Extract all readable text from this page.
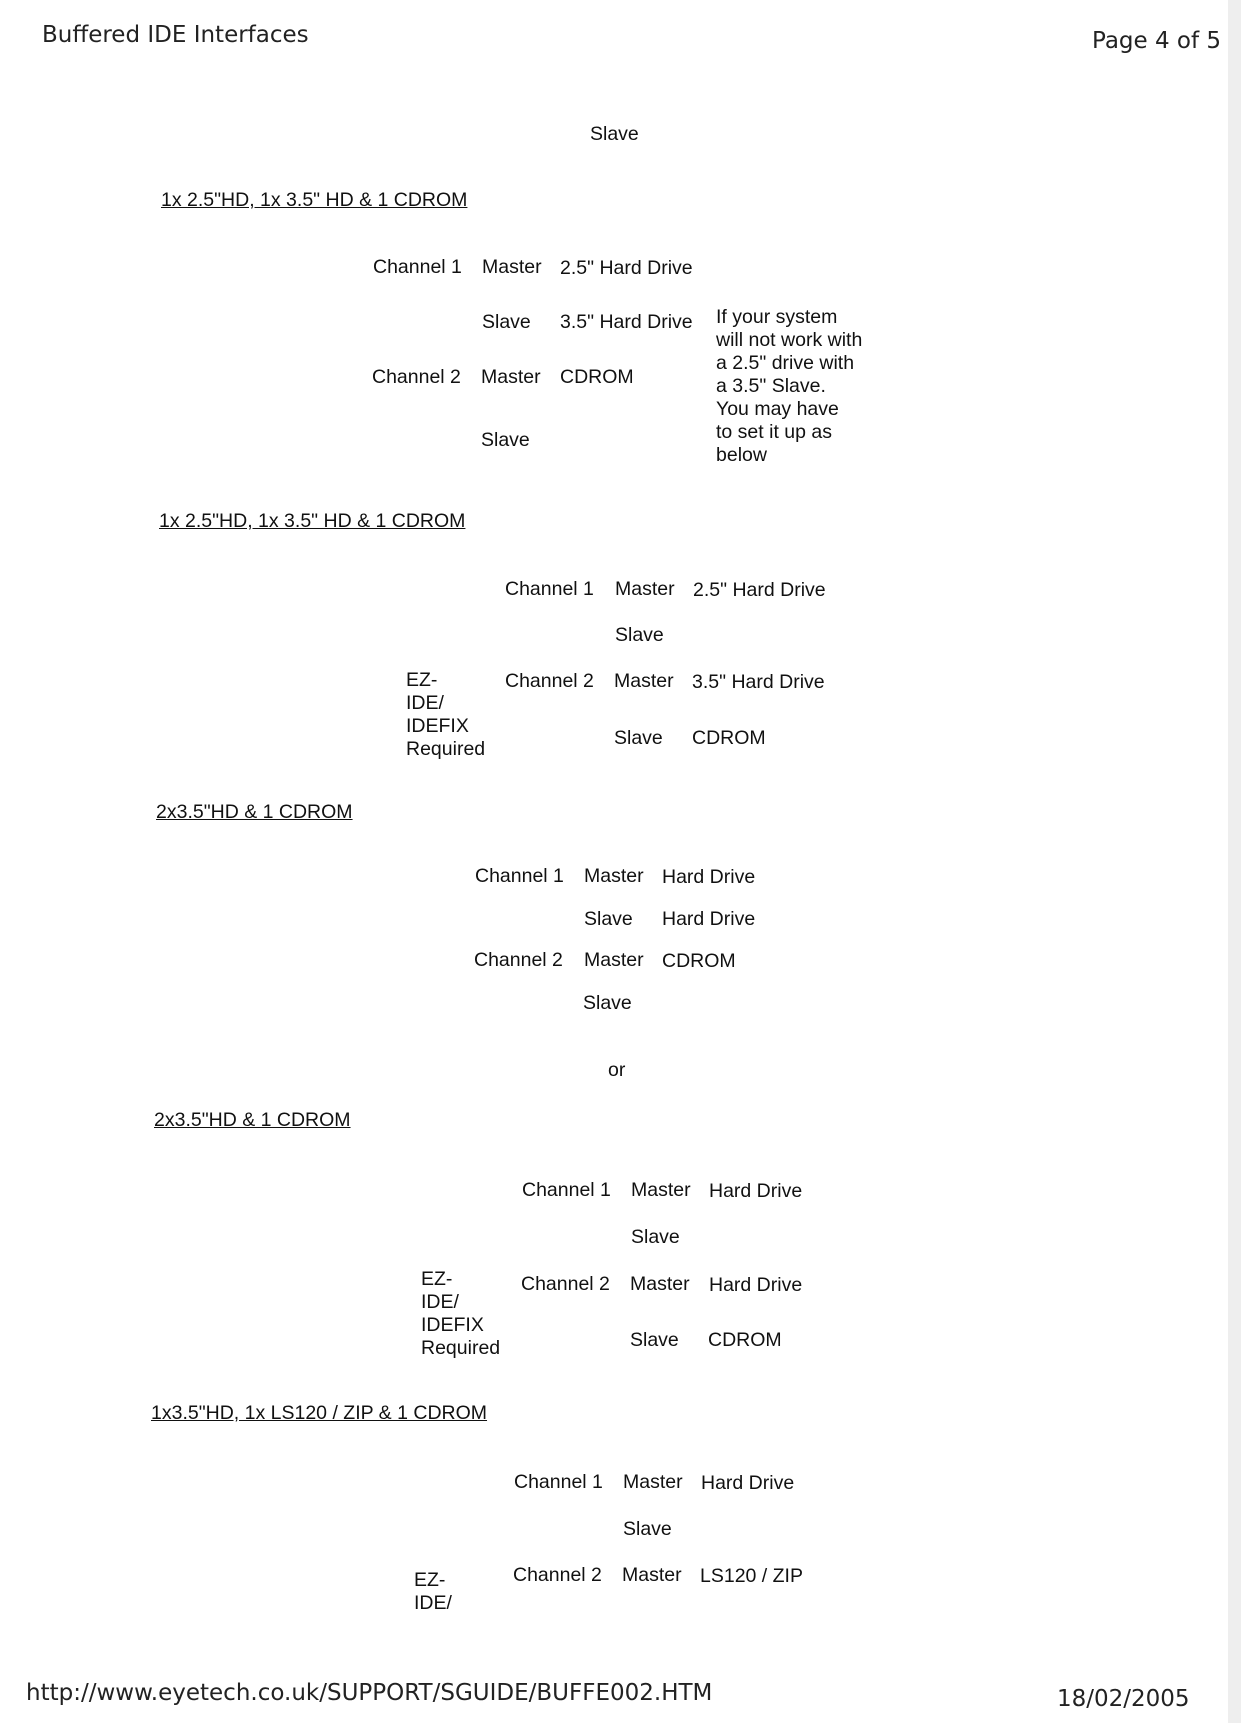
Buffered IDE Interfaces	Page 4 of 5
Slave
1x 2.5"HD, 1x 3.5" HD & 1 CDROM
Channel 1 Master 2.5" Hard Drive
Slave 3.5" Hard Drive
Channel 2 Master CDROM
Slave
If your system
will not work with
a 2.5" drive with
a 3.5" Slave.
You may have
to set it up as
below
1x 2.5"HD, 1x 3.5" HD & 1 CDROM
Channel 1 Master 2.5" Hard Drive
Slave
Channel 2 Master 3.5" Hard Drive
Slave CDROM
EZ-
IDE/
IDEFIX
Required
2x3.5"HD & 1 CDROM
Channel 1 Master Hard Drive
Slave Hard Drive
Channel 2 Master CDROM
Slave
or
2x3.5"HD & 1 CDROM
Channel 1 Master Hard Drive
Slave
Channel 2 Master Hard Drive
Slave CDROM
EZ-
IDE/
IDEFIX
Required
1x3.5"HD, 1x LS120 / ZIP & 1 CDROM
Channel 1 Master Hard Drive
Slave
Channel 2 Master LS120 / ZIP
EZ-
IDE/
http://www.eyetech.co.uk/SUPPORT/SGUIDE/BUFFE002.HTM	18/02/2005
